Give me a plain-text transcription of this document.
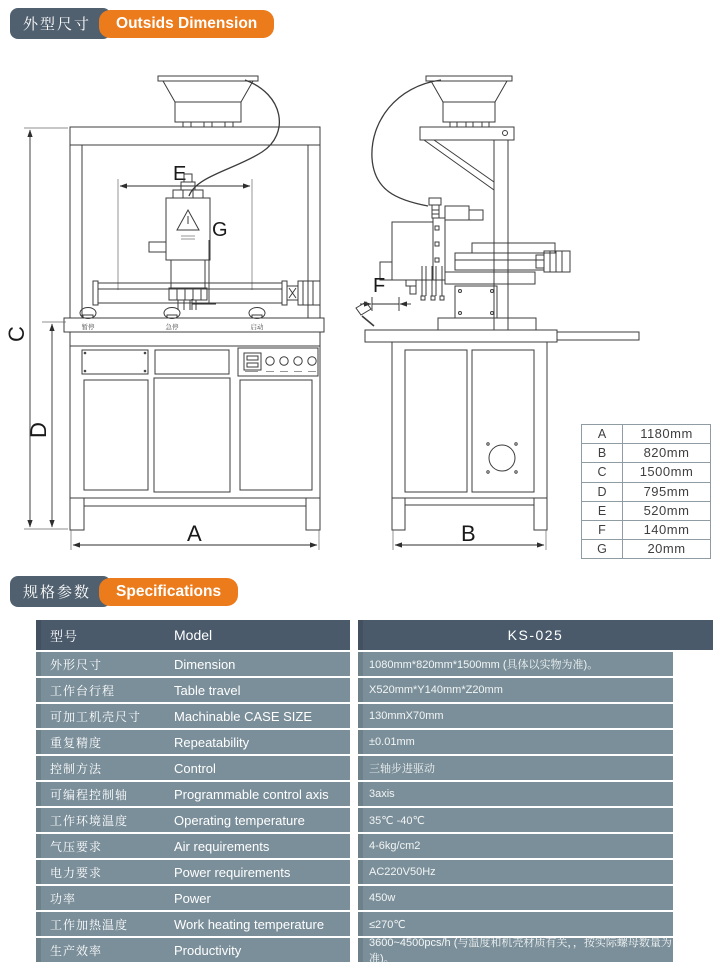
外型尺寸	Outsids Dimension
E
G
暂停	急停	启动
A
C
D
F
B
A	1180mm
B	820mm
C	1500mm
D	795mm
E	520mm
F	140mm
G	20mm
规格参数	Specifications
型号	Model	KS-025
外形尺寸	Dimension	1080mm*820mm*1500mm (具体以实物为准)。
工作台行程	Table travel	X520mm*Y140mm*Z20mm
可加工机壳尺寸	Machinable CASE SIZE	130mmX70mm
重复精度	Repeatability	±0.01mm
控制方法	Control	三轴步进驱动
可编程控制轴	Programmable control axis	3axis
工作环境温度	Operating temperature	35℃ -40℃
气压要求	Air requirements	4-6kg/cm2
电力要求	Power requirements	AC220V50Hz
功率	Power	450w
工作加热温度	Work heating temperature	≤270℃
生产效率	Productivity	3600~4500pcs/h (与温度和机壳材质有关，，按实际螺母数量为准)。
